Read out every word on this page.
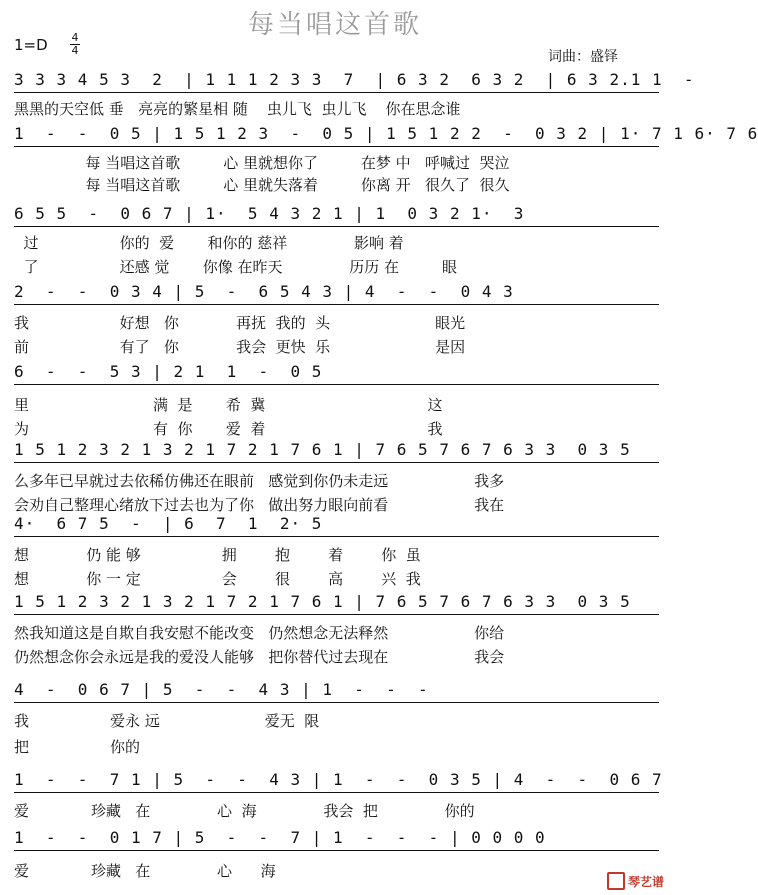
每当唱这首歌
1=D 4
4	词曲：盛铎
3 3 3 4 5 3  2  | 1 1 1 2 3 3  7  | 6 3 2  6 3 2  | 6 3 2.1 1  -
黑黑的天空低 垂   亮亮的繁星相 随    虫儿飞  虫儿飞    你在思念谁
1  -  -  0 5 | 1 5 1 2 3  -  0 5 | 1 5 1 2 2  -  0 3 2 | 1· 7 1 6· 7 6
每 当唱这首歌         心 里就想你了         在梦 中   呼喊过  哭泣
每 当唱这首歌         心 里就失落着         你离 开   很久了  很久
6 5 5  -  0 6 7 | 1·  5 4 3 2 1 | 1  0 3 2 1·  3
过                 你的  爱       和你的 慈祥              影响 着
了                 还感 觉       你像 在昨天              历历 在         眼
2  -  -  0 3 4 | 5  -  6 5 4 3 | 4  -  -  0 4 3
我                   好想   你            再抚  我的  头                      眼光
前                   有了   你            我会  更快  乐                      是因
6  -  -  5 3 | 2 1  1  -  0 5
里                          满  是       希  冀                                  这
为                          有  你       爱  着                                  我
1 5 1 2 3 2 1 3 2 1 7 2 1 7 6 1 | 7 6 5 7 6 7 6 3 3  0 3 5
么多年已早就过去依稀仿佛还在眼前   感觉到你仍未走远                  我多
会劝自己整理心绪放下过去也为了你   做出努力眼向前看                  我在
4·  6 7 5  -  | 6  7  1  2· 5
想            仍 能 够                 拥        抱        着        你  虽
想            你 一 定                 会        很        高        兴  我
1 5 1 2 3 2 1 3 2 1 7 2 1 7 6 1 | 7 6 5 7 6 7 6 3 3  0 3 5
然我知道这是自欺自我安慰不能改变   仍然想念无法释然                  你给
仍然想念你会永远是我的爱没人能够   把你替代过去现在                  我会
4  -  0 6 7 | 5  -  -  4 3 | 1  -  -  -
我                 爱永 远                      爱无  限
把                 你的
1  -  -  7 1 | 5  -  -  4 3 | 1  -  -  0 3 5 | 4  -  -  0 6 7
爱             珍藏   在              心  海              我会  把              你的
1  -  -  0 1 7 | 5  -  -  7 | 1  -  -  - | 0 0 0 0
爱             珍藏   在              心      海
琴艺谱
